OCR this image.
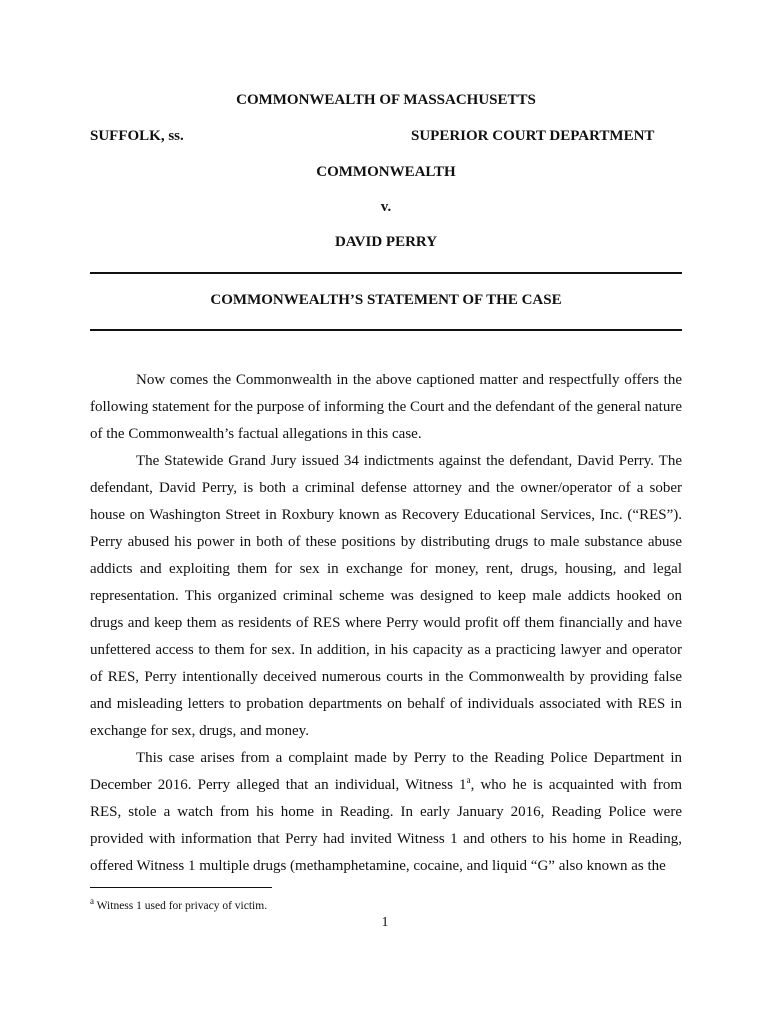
COMMONWEALTH OF MASSACHUSETTS
SUFFOLK, ss.	SUPERIOR COURT DEPARTMENT
COMMONWEALTH
v.
DAVID PERRY
COMMONWEALTH’S STATEMENT OF THE CASE

Now comes the Commonwealth in the above captioned matter and respectfully offers the following statement for the purpose of informing the Court and the defendant of the general nature of the Commonwealth’s factual allegations in this case.

The Statewide Grand Jury issued 34 indictments against the defendant, David Perry. The defendant, David Perry, is both a criminal defense attorney and the owner/operator of a sober house on Washington Street in Roxbury known as Recovery Educational Services, Inc. (“RES”). Perry abused his power in both of these positions by distributing drugs to male substance abuse addicts and exploiting them for sex in exchange for money, rent, drugs, housing, and legal representation. This organized criminal scheme was designed to keep male addicts hooked on drugs and keep them as residents of RES where Perry would profit off them financially and have unfettered access to them for sex. In addition, in his capacity as a practicing lawyer and operator of RES, Perry intentionally deceived numerous courts in the Commonwealth by providing false and misleading letters to probation departments on behalf of individuals associated with RES in exchange for sex, drugs, and money.

This case arises from a complaint made by Perry to the Reading Police Department in December 2016. Perry alleged that an individual, Witness 1$^a$, who he is acquainted with from RES, stole a watch from his home in Reading. In early January 2016, Reading Police were provided with information that Perry had invited Witness 1 and others to his home in Reading, offered Witness 1 multiple drugs (methamphetamine, cocaine, and liquid “G” also known as the

$^a$ Witness 1 used for privacy of victim.
1
